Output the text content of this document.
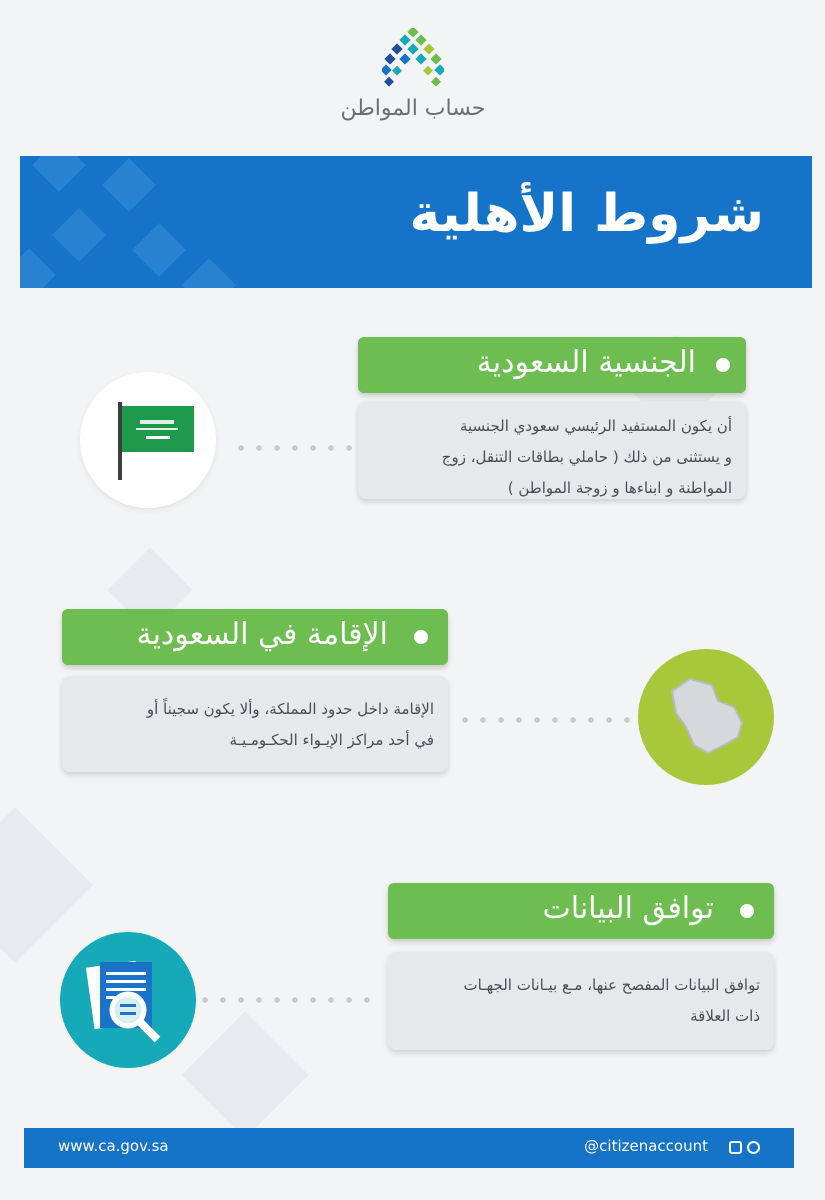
حساب المواطن
شروط الأهلية
الجنسية السعودية
أن يكون المستفيد الرئيسي سعودي الجنسية
و يستثنى من ذلك ( حاملي بطاقات التنقل، زوج
المواطنة و ابناءها و زوجة المواطن )
الإقامة في السعودية
الإقامة داخل حدود المملكة، وألا يكون سجيناً أو
في أحد مراكز الإيـواء الحكـومـيـة
توافق البيانات
توافق البيانات المفصح عنها، مـع بيـانات الجهـات
ذات العلاقة
www.ca.gov.sa	@citizenaccount
